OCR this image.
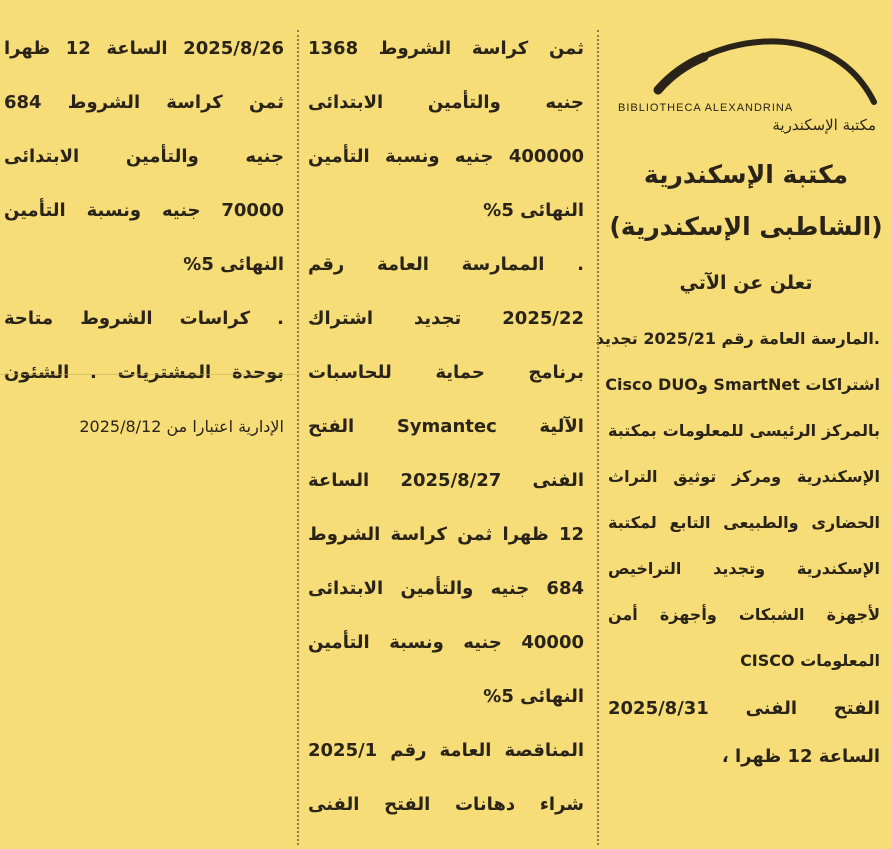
BIBLIOTHECA ALEXANDRINA
مكتبة الإسكندرية
مكتبة الإسكندرية
(الشاطبى الإسكندرية)
تعلن عن الآتي
.المارسة العامة رقم 2025/21 تجديد
اشتراكات SmartNet وCisco DUO
بالمركز الرئيسى للمعلومات بمكتبة
الإسكندرية ومركز توثيق التراث
الحضارى والطبيعى التابع لمكتبة
الإسكندرية وتجديد التراخيص
لأجهزة الشبكات وأجهزة أمن
المعلومات CISCO
الفتح الفنى 2025/8/31
الساعة 12 ظهرا ،
ثمن كراسة الشروط 1368
جنيه والتأمين الابتدائى
400000 جنيه ونسبة التأمين
النهائى 5%
. الممارسة العامة رقم
2025/22 تجديد اشتراك
برنامج حماية للحاسبات
الآلية Symantec الفتح
الفنى 2025/8/27 الساعة
12 ظهرا ثمن كراسة الشروط
684 جنيه والتأمين الابتدائى
40000 جنيه ونسبة التأمين
النهائى 5%
المناقصة العامة رقم 2025/1
شراء دهانات الفتح الفنى
2025/8/26 الساعة 12 ظهرا
ثمن كراسة الشروط 684
جنيه والتأمين الابتدائى
70000 جنيه ونسبة التأمين
النهائى 5%
. كراسات الشروط متاحة
بوحدة المشتريات . الشئون
الإدارية اعتبارا من 2025/8/12
